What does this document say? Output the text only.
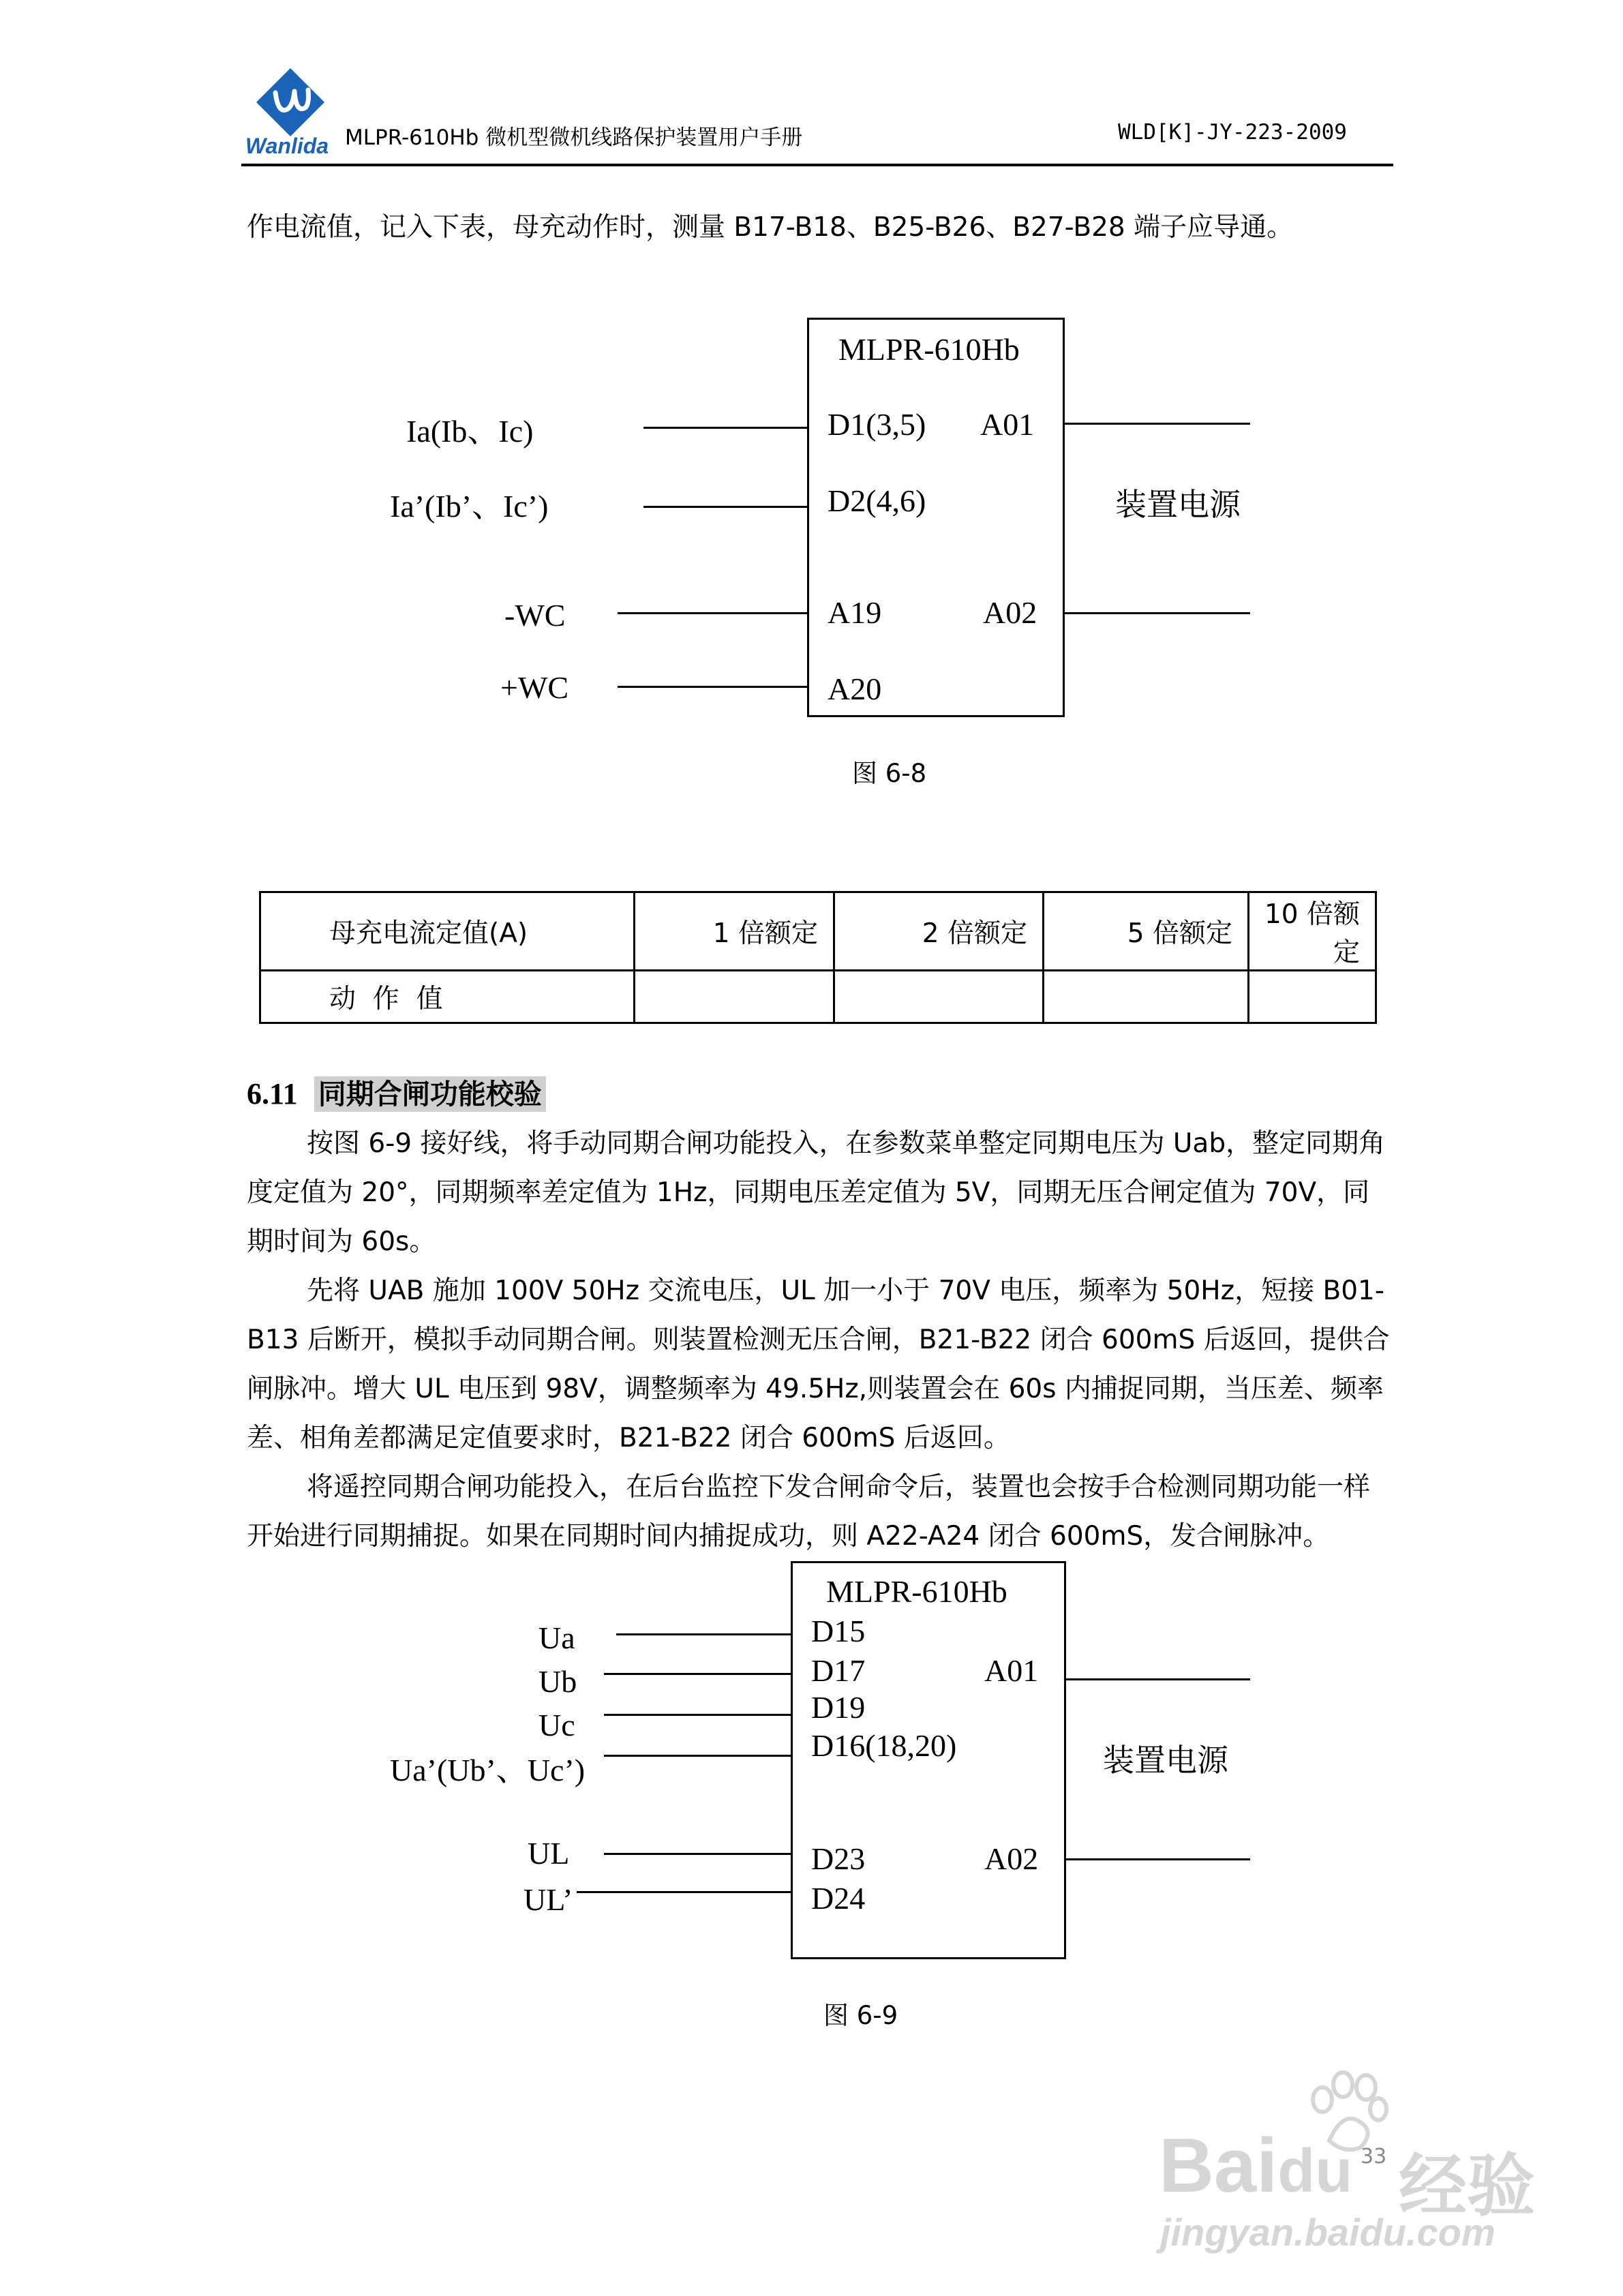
Wanlida MLPR-610Hb 微机型微机线路保护装置用户手册	WLD[K]-JY-223-2009
作电流值，记入下表，母充动作时，测量 B17-B18、B25-B26、B27-B28 端子应导通。
MLPR-610Hb
Ia(Ib、Ic)
Ia’(Ib’、Ic’)
-WC
+WC
D1(3,5)
D2(4,6)
A19
A20
A01
A02
装置电源
图 6-8
母充电流定值(A)	1 倍额定	2 倍额定	5 倍额定	10 倍额定
动  作  值				
6.11 同期合闸功能校验

按图 6-9 接好线，将手动同期合闸功能投入，在参数菜单整定同期电压为 Uab，整定同期角度定值为 20°，同期频率差定值为 1Hz，同期电压差定值为 5V，同期无压合闸定值为 70V，同期时间为 60s。

先将 UAB 施加 100V 50Hz 交流电压，UL 加一小于 70V 电压，频率为 50Hz，短接 B01-B13 后断开，模拟手动同期合闸。则装置检测无压合闸，B21-B22 闭合 600mS 后返回，提供合闸脉冲。增大 UL 电压到 98V，调整频率为 49.5Hz,则装置会在 60s 内捕捉同期，当压差、频率差、相角差都满足定值要求时，B21-B22 闭合 600mS 后返回。

将遥控同期合闸功能投入，在后台监控下发合闸命令后，装置也会按手合检测同期功能一样开始进行同期捕捉。如果在同期时间内捕捉成功，则 A22-A24 闭合 600mS，发合闸脉冲。

MLPR-610Hb
Ua
Ub
Uc
Ua’(Ub’、Uc’)
UL
UL’
D15
D17
D19
D16(18,20)
D23
D24
A01
A02
装置电源
图 6-9
33
Baidu 经验
jingyan.baidu.com
